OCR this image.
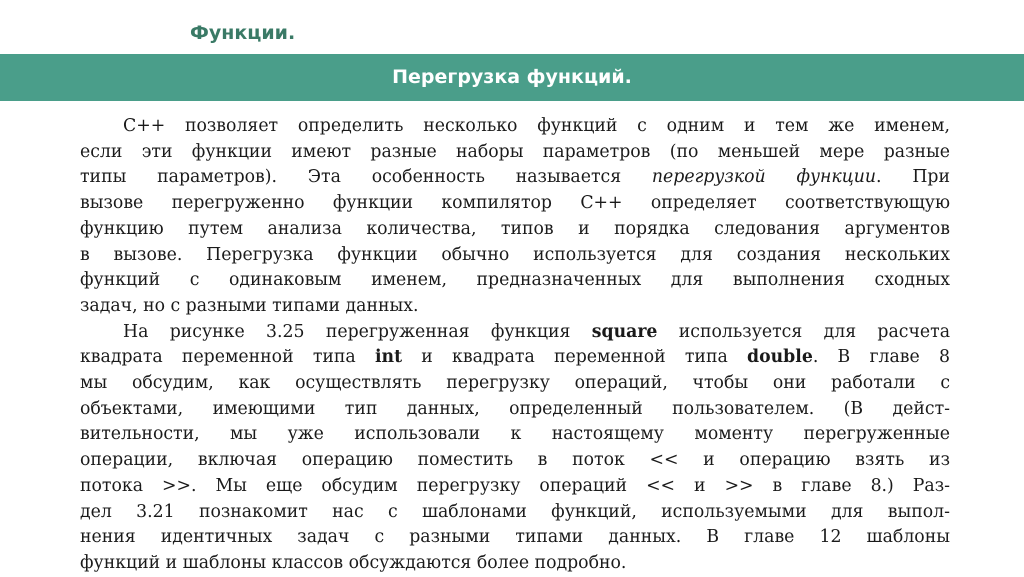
Функции.
Перегрузка функций.
C++ позволяет определить несколько функций с одним и тем же именем,
если эти функции имеют разные наборы параметров (по меньшей мере разные
типы параметров). Эта особенность называется перегрузкой функции. При
вызове перегруженно функции компилятор C++ определяет соответствующую
функцию путем анализа количества, типов и порядка следования аргументов
в вызове. Перегрузка функции обычно используется для создания нескольких
функций с одинаковым именем, предназначенных для выполнения сходных
задач, но с разными типами данных.
На рисунке 3.25 перегруженная функция square используется для расчета
квадрата переменной типа int и квадрата переменной типа double. В главе 8
мы обсудим, как осуществлять перегрузку операций, чтобы они работали с
объектами, имеющими тип данных, определенный пользователем. (В дейст-
вительности, мы уже использовали к настоящему моменту перегруженные
операции, включая операцию поместить в поток << и операцию взять из
потока >>. Мы еще обсудим перегрузку операций << и >> в главе 8.) Раз-
дел 3.21 познакомит нас с шаблонами функций, используемыми для выпол-
нения идентичных задач с разными типами данных. В главе 12 шаблоны
функций и шаблоны классов обсуждаются более подробно.
